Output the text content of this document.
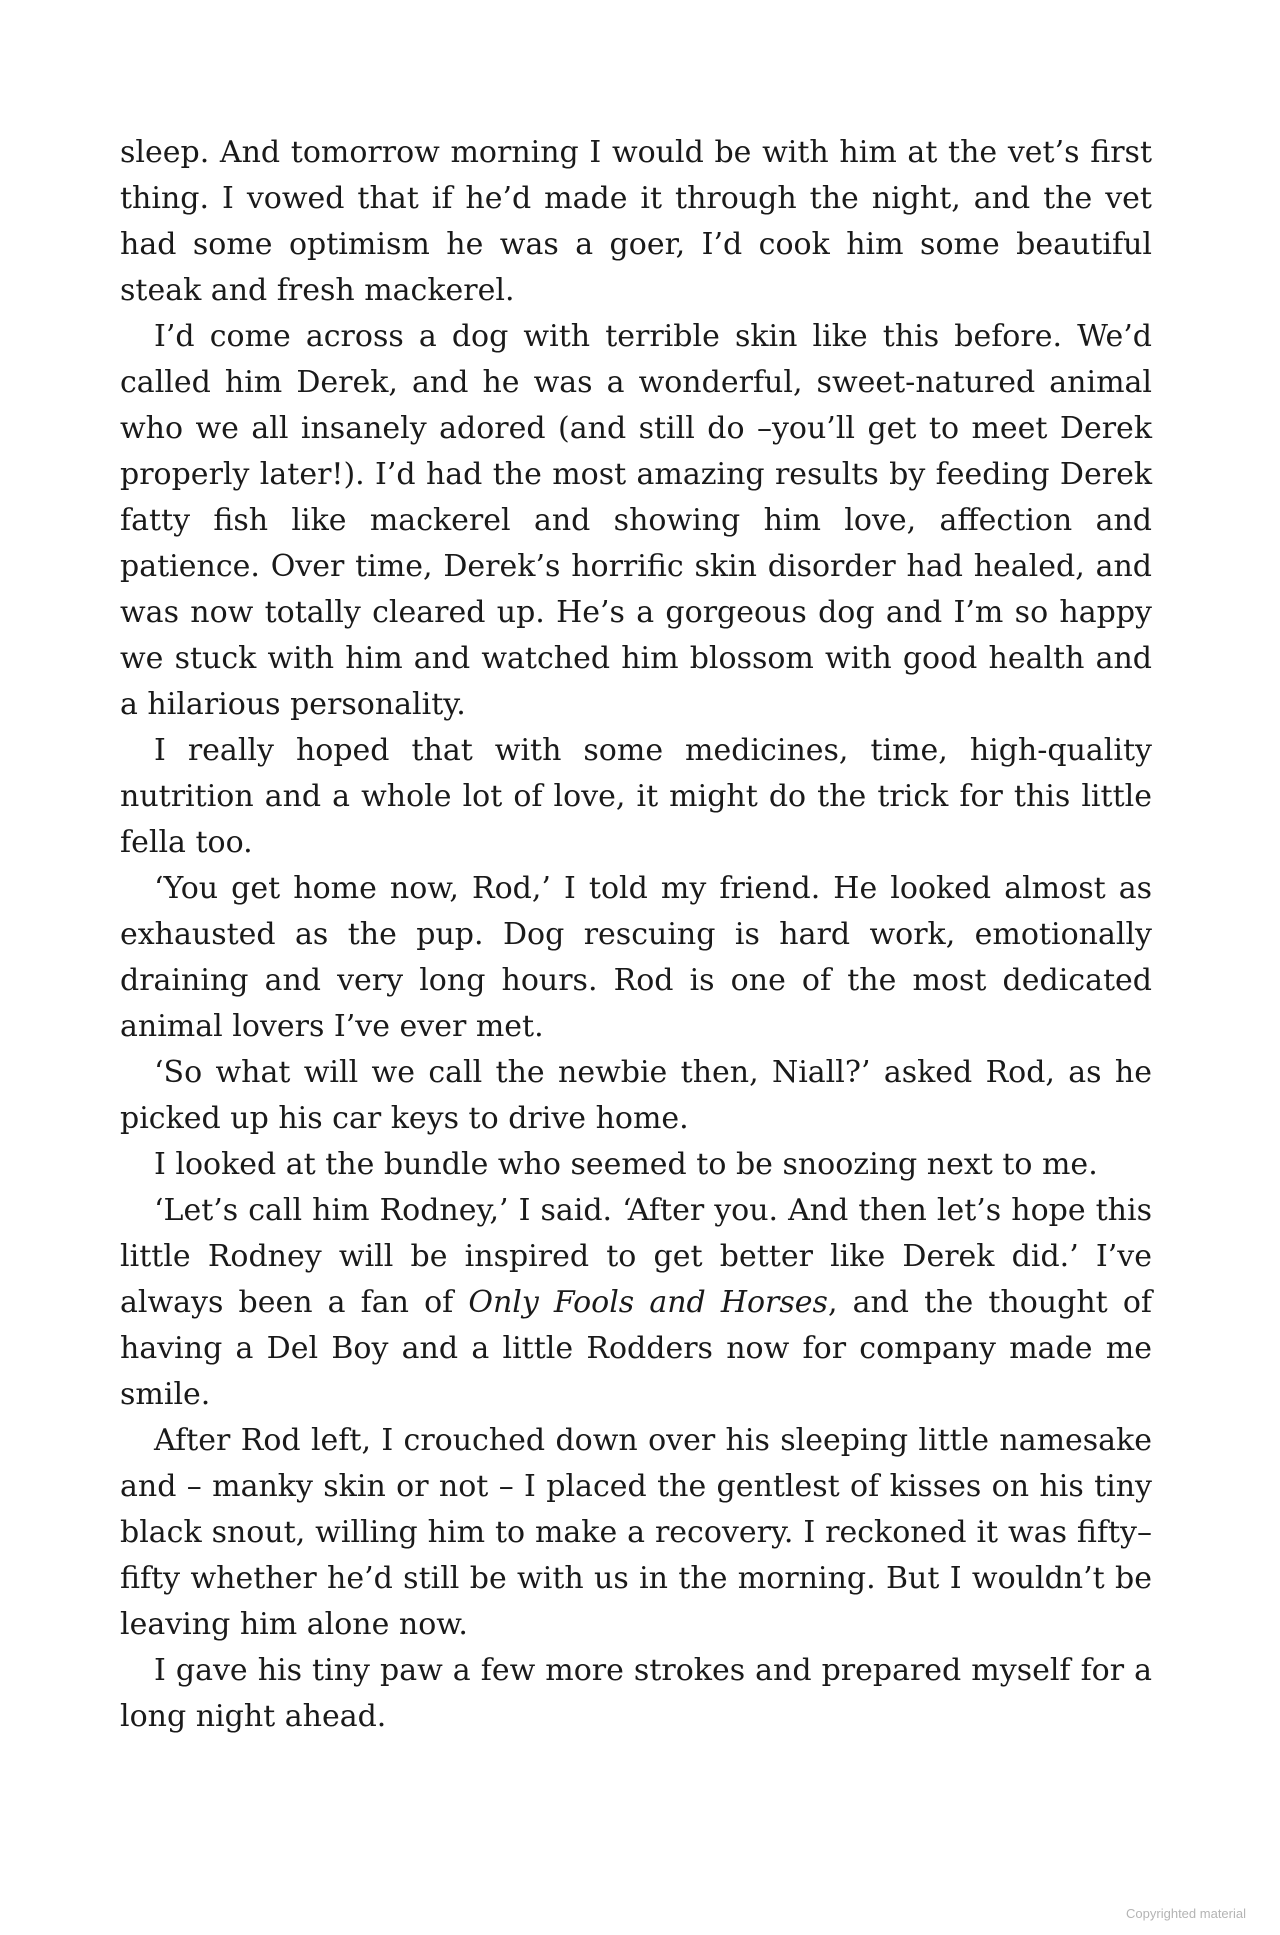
sleep. And tomorrow morning I would be with him at the vet’s first thing. I vowed that if he’d made it through the night, and the vet had some optimism he was a goer, I’d cook him some beautiful steak and fresh mackerel.

I’d come across a dog with terrible skin like this before. We’d called him Derek, and he was a wonderful, sweet-natured animal who we all insanely adored (and still do –you’ll get to meet Derek properly later!). I’d had the most amazing results by feeding Derek fatty fish like mackerel and showing him love, affection and patience. Over time, Derek’s horrific skin disorder had healed, and was now totally cleared up. He’s a gorgeous dog and I’m so happy we stuck with him and watched him blossom with good health and a hilarious personality.

I really hoped that with some medicines, time, high-quality nutrition and a whole lot of love, it might do the trick for this little fella too.

‘You get home now, Rod,’ I told my friend. He looked almost as exhausted as the pup. Dog rescuing is hard work, emotionally draining and very long hours. Rod is one of the most dedicated animal lovers I’ve ever met.

‘So what will we call the newbie then, Niall?’ asked Rod, as he picked up his car keys to drive home.

I looked at the bundle who seemed to be snoozing next to me.

‘Let’s call him Rodney,’ I said. ‘After you. And then let’s hope this little Rodney will be inspired to get better like Derek did.’ I’ve always been a fan of Only Fools and Horses, and the thought of having a Del Boy and a little Rodders now for company made me smile.

After Rod left, I crouched down over his sleeping little namesake and – manky skin or not – I placed the gentlest of kisses on his tiny black snout, willing him to make a recovery. I reckoned it was fifty–fifty whether he’d still be with us in the morning. But I wouldn’t be leaving him alone now.

I gave his tiny paw a few more strokes and prepared myself for a long night ahead.

Copyrighted material
